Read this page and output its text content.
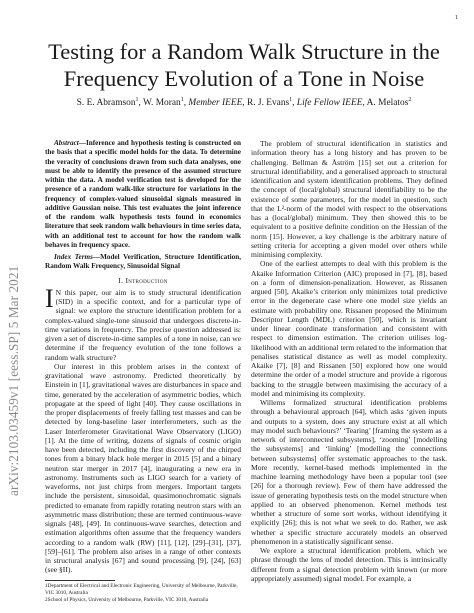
1
arXiv:2103.03459v1 [eess.SP] 5 Mar 2021
Testing for a Random Walk Structure in the
Frequency Evolution of a Tone in Noise
S. E. Abramson$^1$, W. Moran$^1$, Member IEEE, R. J. Evans$^1$, Life Fellow IEEE, A. Melatos$^2$

Abstract—Inference and hypothesis testing is constructed on the basis that a specific model holds for the data. To determine the veracity of conclusions drawn from such data analyses, one must be able to identify the presence of the assumed structure within the data. A model verification test is developed for the presence of a random walk-like structure for variations in the frequency of complex-valued sinusoidal signals measured in additive Gaussian noise. This test evaluates the joint inference of the random walk hypothesis tests found in economics literature that seek random walk behaviours in time series data, with an additional test to account for how the random walk behaves in frequency space.

Index Terms—Model Verification, Structure Identification, Random Walk Frequency, Sinusoidal Signal

I. Introduction

I N this paper, our aim is to study structural identification (SID) in a specific context, and for a particular type of signal: we explore the structure identification problem for a complex-valued single-tone sinusoid that undergoes discrete-in-time variations in frequency. The precise question addressed is: given a set of discrete-in-time samples of a tone in noise, can we determine if the frequency evolution of the tone follows a random walk structure?

Our interest in this problem arises in the context of gravitational wave astronomy. Predicted theoretically by Einstein in [1], gravitational waves are disturbances in space and time, generated by the acceleration of asymmetric bodies, which propagate at the speed of light [40]. They cause oscillations in the proper displacements of freely falling test masses and can be detected by long-baseline laser interferometers, such as the Laser Interferometer Gravitational Wave Observatory (LIGO) [1]. At the time of writing, dozens of signals of cosmic origin have been detected, including the first discovery of the chirped tones from a binary black hole merger in 2015 [5] and a binary neutron star merger in 2017 [4], inaugurating a new era in astronomy. Instruments such as LIGO search for a variety of waveforms, not just chirps from mergers. Important targets include the persistent, sinusoidal, quasimonochromatic signals predicted to emanate from rapidly rotating neutron stars with an asymmetric mass distribution; these are termed continuous-wave signals [48], [49]. In continuous-wave searches, detection and estimation algorithms often assume that the frequency wanders according to a random walk (RW) [11], [12], [29]–[31], [37], [59]–[61]. The problem also arises in a range of other contexts in structural analysis [67] and sound processing [9], [24], [63] (see §II).

1Department of Electrical and Electronic Engineering, University of Melbourne, Parkville, VIC 3010, Australia
2School of Physics, University of Melbourne, Parkville, VIC 3010, Australia

The problem of structural identification in statistics and information theory has a long history and has proven to be challenging. Bellman & Åström [15] set out a criterion for structural identifiability, and a generalised approach to structural identification and system identification problems. They defined the concept of (local/global) structural identifiability to be the existence of some parameters, for the model in question, such that the L²-norm of the model with respect to the observations has a (local/global) minimum. They then showed this to be equivalent to a positive definite condition on the Hessian of the norm [15]. However, a key challenge is the arbitrary nature of setting criteria for accepting a given model over others while minimising complexity.

One of the earliest attempts to deal with this problem is the Akaike Information Criterion (AIC) proposed in [7], [8], based on a form of dimension-penalization. However, as Rissanen argued [50], Akaike’s criterion only minimizes total predictive error in the degenerate case where one model size yields an estimate with probability one. Rissanen proposed the Minimum Descriptor Length (MDL) criterion [50], which is invariant under linear coordinate transformation and consistent with respect to dimension estimation. The criterion utilises log-likelihood with an additional term related to the information that penalises statistical distance as well as model complexity. Akaike [7], [8] and Rissanen [50] explored how one would determine the order of a model structure and provide a rigorous backing to the struggle between maximising the accuracy of a model and minimising its complexity.

Willems formalized structural identification problems through a behavioural approach [64], which asks ‘given inputs and outputs to a system, does any structure exist at all which may model such behaviours?’ ‘Tearing’ [framing the system as a network of interconnected subsystems], ‘zooming’ [modelling the subsystems] and ‘linking’ [modelling the connections between subsystems] offer systematic approaches to the task. More recently, kernel-based methods implemented in the machine learning methodology have been a popular tool (see [26] for a thorough review). Few of them have addressed the issue of generating hypothesis tests on the model structure when applied to an observed phenomenon. Kernel methods test whether a structure of some sort works, without identifying it explicitly [26]; this is not what we seek to do. Rather, we ask whether a specific structure accurately models an observed phenomenon in a statistically significant sense.

We explore a structural identification problem, which we phrase through the lens of model detection. This is intrinsically different from a signal detection problem with known (or more appropriately assumed) signal model. For example, a
